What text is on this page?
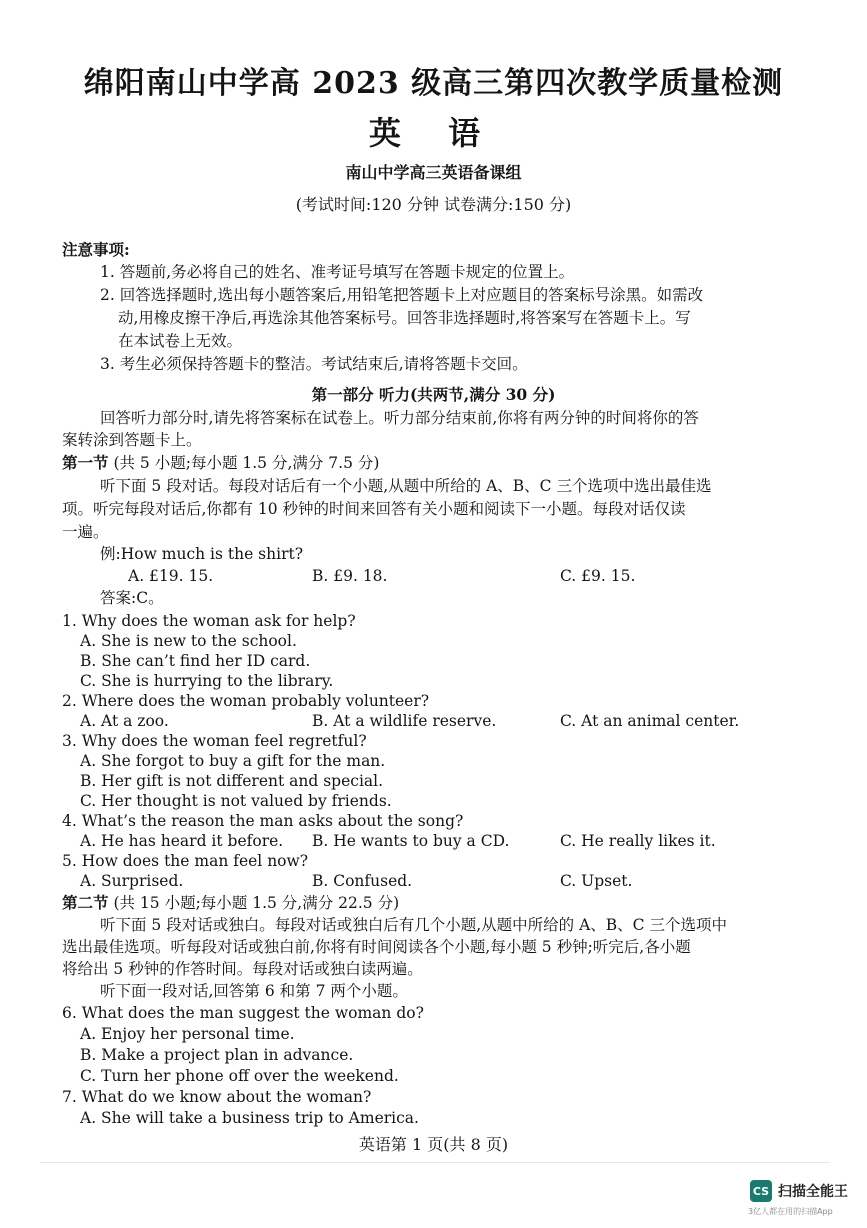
绵阳南山中学高 2023 级高三第四次教学质量检测
英 语
南山中学高三英语备课组
(考试时间:120 分钟 试卷满分:150 分)
注意事项:
1. 答题前,务必将自己的姓名、准考证号填写在答题卡规定的位置上。
2. 回答选择题时,选出每小题答案后,用铅笔把答题卡上对应题目的答案标号涂黑。如需改
动,用橡皮擦干净后,再选涂其他答案标号。回答非选择题时,将答案写在答题卡上。写
在本试卷上无效。
3. 考生必须保持答题卡的整洁。考试结束后,请将答题卡交回。
第一部分 听力(共两节,满分 30 分)
回答听力部分时,请先将答案标在试卷上。听力部分结束前,你将有两分钟的时间将你的答
案转涂到答题卡上。
第一节 (共 5 小题;每小题 1.5 分,满分 7.5 分)
听下面 5 段对话。每段对话后有一个小题,从题中所给的 A、B、C 三个选项中选出最佳选
项。听完每段对话后,你都有 10 秒钟的时间来回答有关小题和阅读下一小题。每段对话仅读
一遍。
例:How much is the shirt?
A. £19. 15.	B. £9. 18.	C. £9. 15.
答案:C。
1. Why does the woman ask for help?
A. She is new to the school.
B. She can’t find her ID card.
C. She is hurrying to the library.
2. Where does the woman probably volunteer?
A. At a zoo.	B. At a wildlife reserve.	C. At an animal center.
3. Why does the woman feel regretful?
A. She forgot to buy a gift for the man.
B. Her gift is not different and special.
C. Her thought is not valued by friends.
4. What’s the reason the man asks about the song?
A. He has heard it before. B. He wants to buy a CD.	C. He really likes it.
5. How does the man feel now?
A. Surprised.	B. Confused.	C. Upset.
第二节 (共 15 小题;每小题 1.5 分,满分 22.5 分)
听下面 5 段对话或独白。每段对话或独白后有几个小题,从题中所给的 A、B、C 三个选项中
选出最佳选项。听每段对话或独白前,你将有时间阅读各个小题,每小题 5 秒钟;听完后,各小题
将给出 5 秒钟的作答时间。每段对话或独白读两遍。
听下面一段对话,回答第 6 和第 7 两个小题。
6. What does the man suggest the woman do?
A. Enjoy her personal time.
B. Make a project plan in advance.
C. Turn her phone off over the weekend.
7. What do we know about the woman?
A. She will take a business trip to America.
英语第 1 页(共 8 页)
CS 扫描全能王
3亿人都在用的扫描App
